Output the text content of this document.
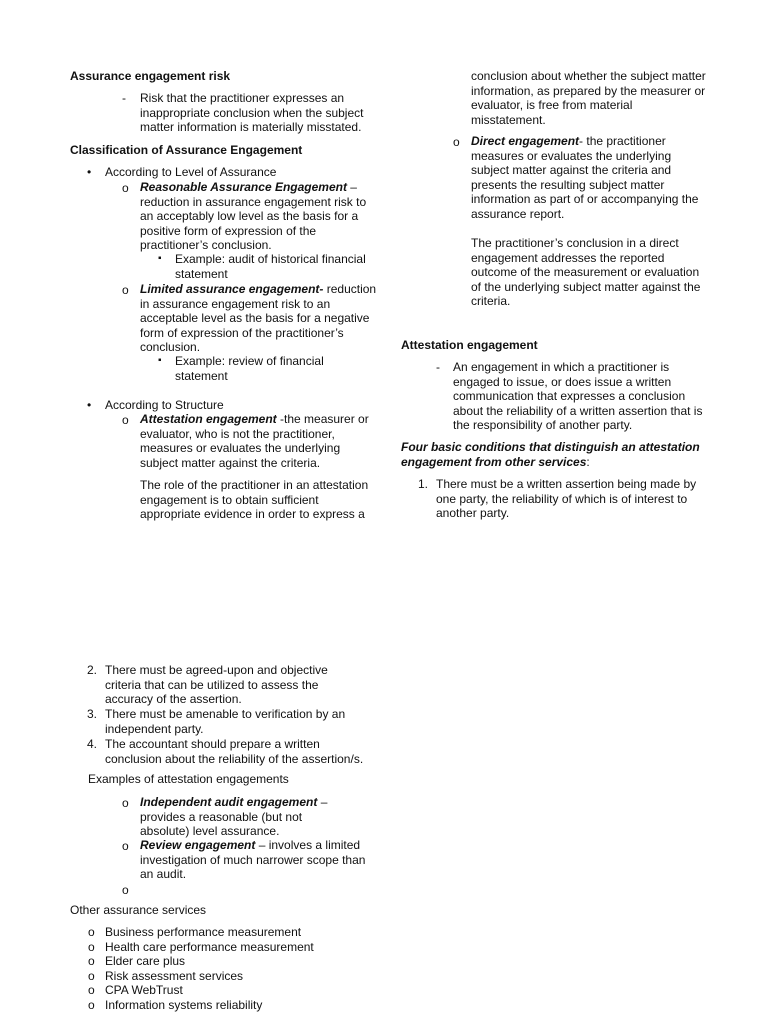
Assurance engagement risk
- Risk that the practitioner expresses an inappropriate conclusion when the subject matter information is materially misstated.
Classification of Assurance Engagement
• According to Level of Assurance
o Reasonable Assurance Engagement – reduction in assurance engagement risk to an acceptably low level as the basis for a positive form of expression of the practitioner’s conclusion.
▪ Example: audit of historical financial statement
o Limited assurance engagement- reduction in assurance engagement risk to an acceptable level as the basis for a negative form of expression of the practitioner’s conclusion.
▪ Example: review of financial statement
• According to Structure
o Attestation engagement -the measurer or evaluator, who is not the practitioner, measures or evaluates the underlying subject matter against the criteria.
The role of the practitioner in an attestation engagement is to obtain sufficient appropriate evidence in order to express a
conclusion about whether the subject matter information, as prepared by the measurer or evaluator, is free from material misstatement.
o Direct engagement- the practitioner measures or evaluates the underlying subject matter against the criteria and presents the resulting subject matter information as part of or accompanying the assurance report.
The practitioner’s conclusion in a direct engagement addresses the reported outcome of the measurement or evaluation of the underlying subject matter against the criteria.
Attestation engagement
- An engagement in which a practitioner is engaged to issue, or does issue a written communication that expresses a conclusion about the reliability of a written assertion that is the responsibility of another party.
Four basic conditions that distinguish an attestation engagement from other services:
1. There must be a written assertion being made by one party, the reliability of which is of interest to another party.
2. There must be agreed-upon and objective criteria that can be utilized to assess the accuracy of the assertion.
3. There must be amenable to verification by an independent party.
4. The accountant should prepare a written conclusion about the reliability of the assertion/s.
Examples of attestation engagements
o Independent audit engagement – provides a reasonable (but not absolute) level assurance.
o Review engagement – involves a limited investigation of much narrower scope than an audit.
o
Other assurance services
o Business performance measurement
o Health care performance measurement
o Elder care plus
o Risk assessment services
o CPA WebTrust
o Information systems reliability
